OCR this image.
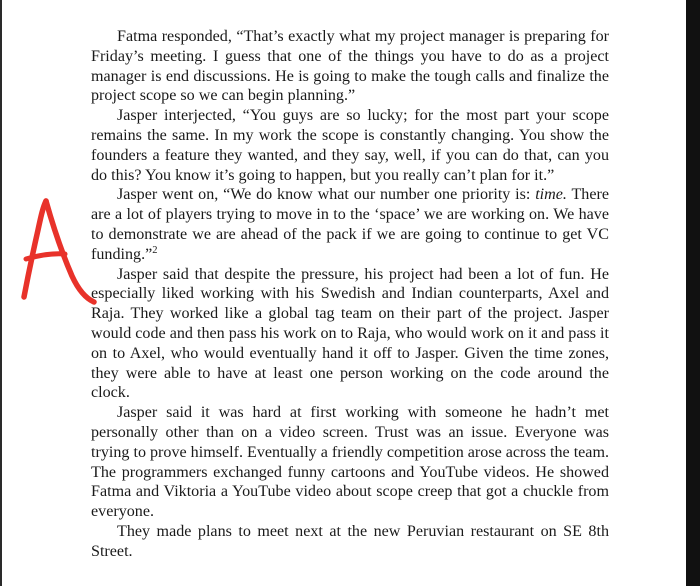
Fatma responded, “That’s exactly what my project manager is preparing for Friday’s meeting. I guess that one of the things you have to do as a project manager is end discussions. He is going to make the tough calls and finalize the project scope so we can begin planning.”

Jasper interjected, “You guys are so lucky; for the most part your scope remains the same. In my work the scope is constantly changing. You show the founders a feature they wanted, and they say, well, if you can do that, can you do this? You know it’s going to happen, but you really can’t plan for it.”

Jasper went on, “We do know what our number one priority is: time. There are a lot of players trying to move in to the ‘space’ we are working on. We have to demonstrate we are ahead of the pack if we are going to continue to get VC funding.”$^2$

Jasper said that despite the pressure, his project had been a lot of fun. He especially liked working with his Swedish and Indian counterparts, Axel and Raja. They worked like a global tag team on their part of the project. Jasper would code and then pass his work on to Raja, who would work on it and pass it on to Axel, who would eventually hand it off to Jasper. Given the time zones, they were able to have at least one person working on the code around the clock.

Jasper said it was hard at first working with someone he hadn’t met personally other than on a video screen. Trust was an issue. Everyone was trying to prove himself. Eventually a friendly competition arose across the team. The programmers exchanged funny cartoons and YouTube videos. He showed Fatma and Viktoria a YouTube video about scope creep that got a chuckle from everyone.

They made plans to meet next at the new Peruvian restaurant on SE 8th Street.
